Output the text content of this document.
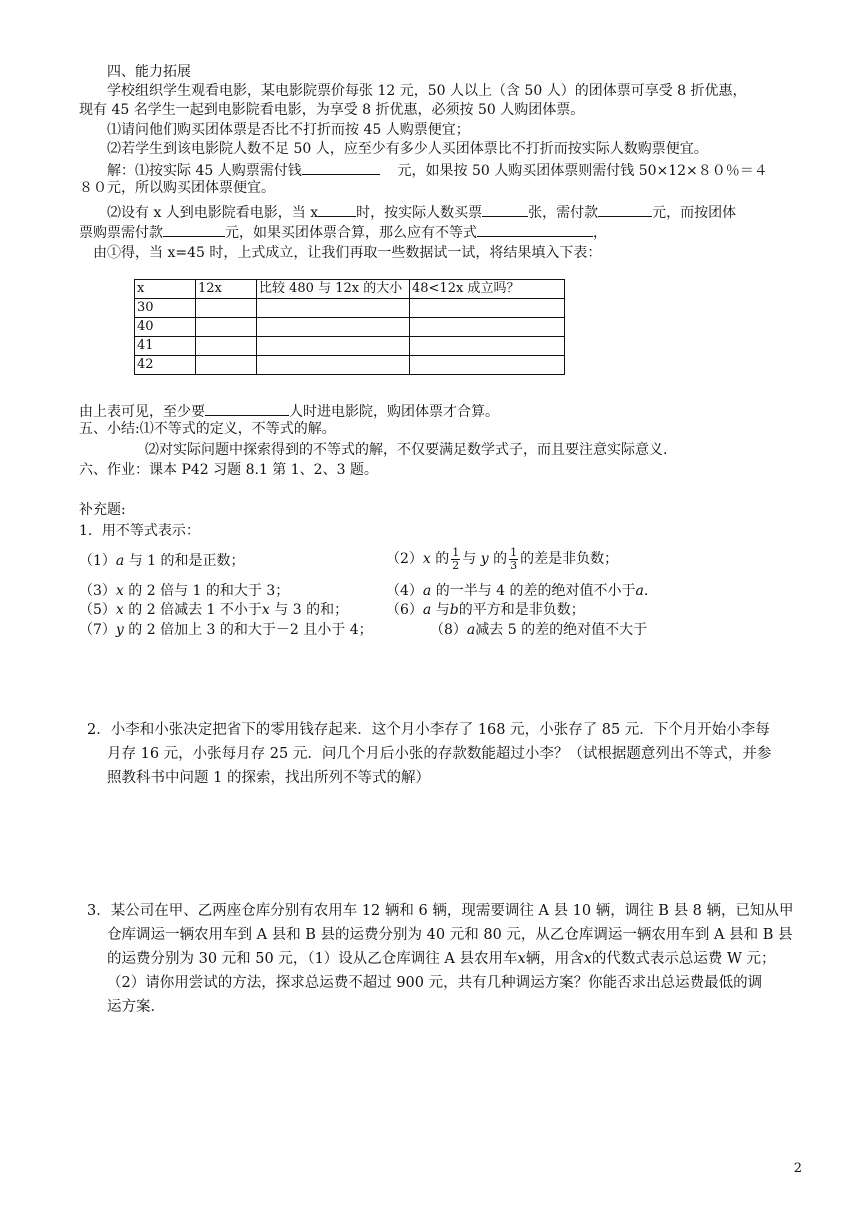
四、能力拓展
学校组织学生观看电影，某电影院票价每张 12 元，50 人以上（含 50 人）的团体票可享受 8 折优惠，
现有 45 名学生一起到电影院看电影，为享受 8 折优惠，必须按 50 人购团体票。
⑴请问他们购买团体票是否比不打折而按 45 人购票便宜；
⑵若学生到该电影院人数不足 50 人，应至少有多少人买团体票比不打折而按实际人数购票便宜。
解：⑴按实际 45 人购票需付钱	元，如果按 50 人购买团体票则需付钱 50×12×８０％＝４
８０元，所以购买团体票便宜。
⑵设有 x 人到电影院看电影，当 x	时，按实际人数买票	张，需付款	元，而按团体
票购票需付款	元，如果买团体票合算，那么应有不等式	，
由①得，当 x=45 时，上式成立，让我们再取一些数据试一试，将结果填入下表：
x	12x	比较 480 与 12x 的大小	48<12x 成立吗？
30			
40			
41			
42			
由上表可见，至少要	人时进电影院，购团体票才合算。
五、小结:⑴不等式的定义，不等式的解。
⑵对实际问题中探索得到的不等式的解，不仅要满足数学式子，而且要注意实际意义.
六、作业：课本 P42 习题 8.1 第 1、2、3 题。
补充题:
1．用不等式表示：
（1）a 与 1 的和是正数；	（2）x 的 $\frac{1}{2}$ 与 y 的 $\frac{1}{3}$ 的差是非负数；
（3）x 的 2 倍与 1 的和大于 3；	（4）a 的一半与 4 的差的绝对值不小于a.
（5）x 的 2 倍减去 1 不小于x 与 3 的和；	（6）a 与b的平方和是非负数；
（7）y 的 2 倍加上 3 的和大于－2 且小于 4；	（8）a减去 5 的差的绝对值不大于
2．小李和小张决定把省下的零用钱存起来．这个月小李存了 168 元，小张存了 85 元．下个月开始小李每
月存 16 元，小张每月存 25 元．问几个月后小张的存款数能超过小李？（试根据题意列出不等式，并参
照教科书中问题 1 的探索，找出所列不等式的解）
3．某公司在甲、乙两座仓库分别有农用车 12 辆和 6 辆，现需要调往 A 县 10 辆，调往 B 县 8 辆，已知从甲
仓库调运一辆农用车到 A 县和 B 县的运费分别为 40 元和 80 元，从乙仓库调运一辆农用车到 A 县和 B 县
的运费分别为 30 元和 50 元，（1）设从乙仓库调往 A 县农用车x辆，用含x的代数式表示总运费 W 元；
（2）请你用尝试的方法，探求总运费不超过 900 元，共有几种调运方案？你能否求出总运费最低的调
运方案．
2
